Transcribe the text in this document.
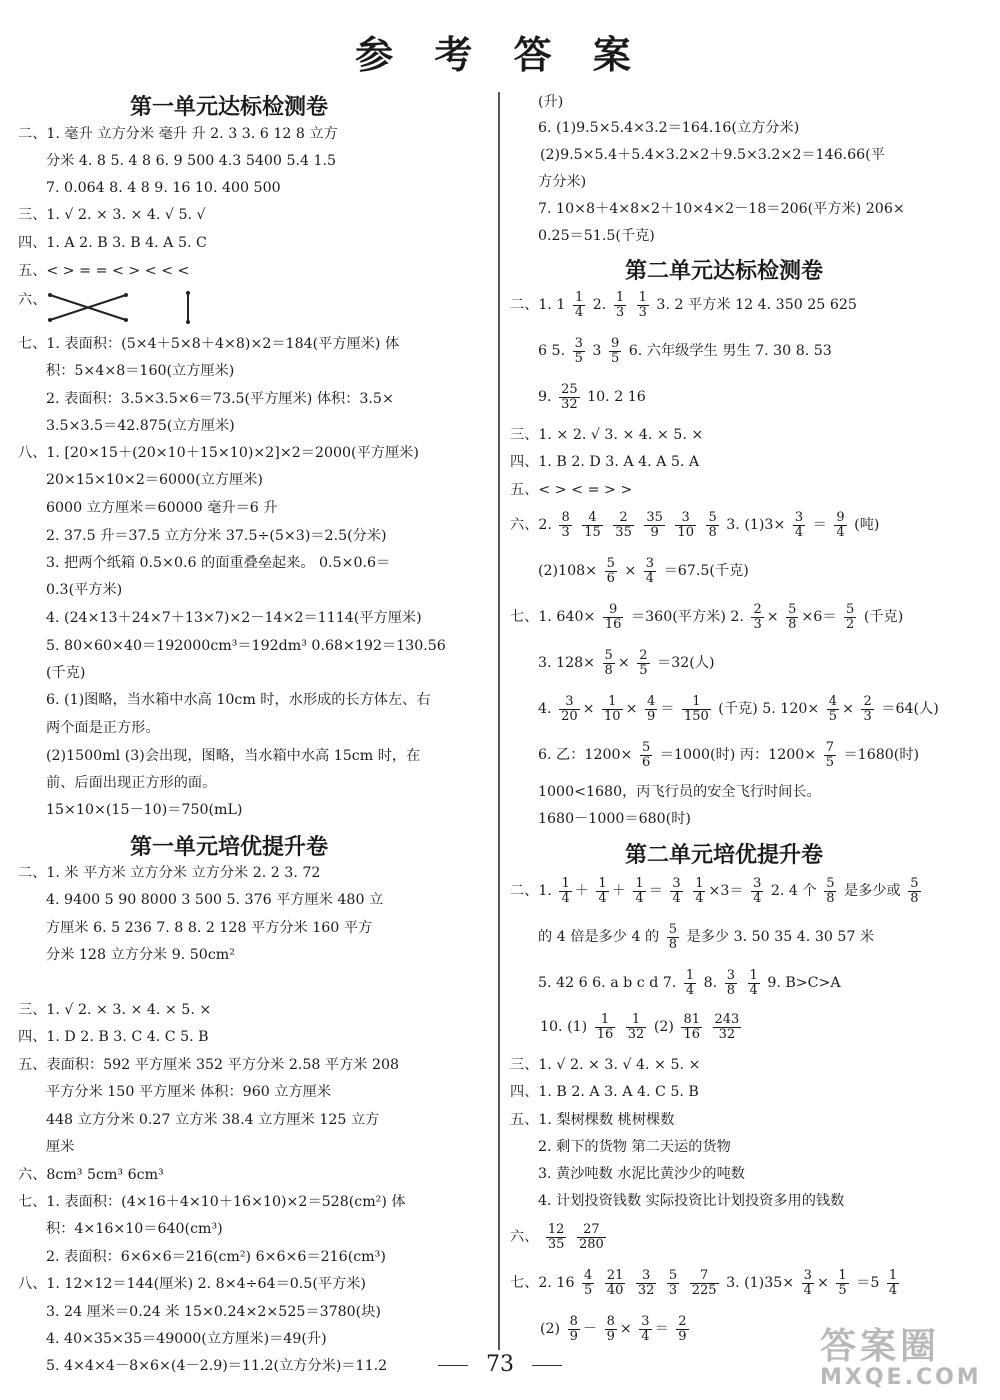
参 考 答 案
第一单元达标检测卷
二、1. 毫升 立方分米 毫升 升 2. 3 3. 6 12 8 立方
分米 4. 8 5. 4 8 6. 9 500 4.3 5400 5.4 1.5
7. 0.064 8. 4 8 9. 16 10. 400 500
三、1. √ 2. × 3. × 4. √ 5. √
四、1. A 2. B 3. B 4. A 5. C
五、< > = = < > < < <
六、
七、1. 表面积：(5×4＋5×8＋4×8)×2＝184(平方厘米) 体
积：5×4×8＝160(立方厘米)
2. 表面积：3.5×3.5×6＝73.5(平方厘米) 体积：3.5×
3.5×3.5＝42.875(立方厘米)
八、1. [20×15＋(20×10＋15×10)×2]×2＝2000(平方厘米)
20×15×10×2＝6000(立方厘米)
6000 立方厘米＝60000 毫升＝6 升
2. 37.5 升＝37.5 立方分米 37.5÷(5×3)＝2.5(分米)
3. 把两个纸箱 0.5×0.6 的面重叠垒起来。 0.5×0.6＝
0.3(平方米)
4. (24×13＋24×7＋13×7)×2－14×2＝1114(平方厘米)
5. 80×60×40＝192000cm³＝192dm³ 0.68×192＝130.56
(千克)
6. (1)图略，当水箱中水高 10cm 时，水形成的长方体左、右
两个面是正方形。
(2)1500ml (3)会出现，图略，当水箱中水高 15cm 时，在
前、后面出现正方形的面。
15×10×(15－10)＝750(mL)
第一单元培优提升卷
二、1. 米 平方米 立方分米 立方分米 2. 2 3. 72
4. 9400 5 90 8000 3 500 5. 376 平方厘米 480 立
方厘米 6. 5 236 7. 8 8. 2 128 平方分米 160 平方
分米 128 立方分米 9. 50cm²
三、1. √ 2. × 3. × 4. × 5. ×
四、1. D 2. B 3. C 4. C 5. B
五、表面积：592 平方厘米 352 平方分米 2.58 平方米 208
平方分米 150 平方厘米 体积：960 立方厘米
448 立方分米 0.27 立方米 38.4 立方厘米 125 立方
厘米
六、8cm³ 5cm³ 6cm³
七、1. 表面积：(4×16＋4×10＋16×10)×2＝528(cm²) 体
积：4×16×10＝640(cm³)
2. 表面积：6×6×6＝216(cm²) 6×6×6＝216(cm³)
八、1. 12×12＝144(厘米) 2. 8×4÷64＝0.5(平方米)
3. 24 厘米＝0.24 米 15×0.24×2×525＝3780(块)
4. 40×35×35＝49000(立方厘米)＝49(升)
5. 4×4×4－8×6×(4－2.9)＝11.2(立方分米)＝11.2
(升)
6. (1)9.5×5.4×3.2＝164.16(立方分米)
(2)9.5×5.4＋5.4×3.2×2＋9.5×3.2×2＝146.66(平
方分米)
7. 10×8＋4×8×2＋10×4×2－18＝206(平方米) 206×
0.25＝51.5(千克)
第二单元达标检测卷
二、1. $1 \frac{1}{4} 2$. $\frac{1}{3}$
$\frac{1}{3} 3$. 2 平方米 12 4. 350 25 625
6 5. $\frac{3}{5} 3 \frac{9}{5} 6$. 六年级学生 男生 7. 30 8. 53
9. $\frac{25}{32} 10$. 2 16
三、1. × 2. √ 3. × 4. × 5. ×
四、1. B 2. D 3. A 4. A 5. A
五、< > < = > >
六、2. $\frac{8}{3}$
$\frac{4}{15}$
$\frac{2}{35}$
$\frac{35}{9}$
$\frac{3}{10}$
$\frac{5}{8} 3$. $(1)3\times \frac{3}{4} = \frac{9}{4}$ (吨)
$(2)108\times \frac{5}{6} \times \frac{3}{4} =67.5$(千克)
七、1. $640\times \frac{9}{16} =360$(平方米) 2. $\frac{2}{3} \times \frac{5}{8} \times 6= \frac{5}{2}$ (千克)
3. $128\times \frac{5}{8} \times \frac{2}{5} =32$(人)
4. $\frac{3}{20} \times \frac{1}{10} \times \frac{4}{9} = \frac{1}{150}$ (千克) 5. $120\times \frac{4}{5} \times \frac{2}{3} =64$(人)
6. 乙：$1200\times \frac{5}{6} =1000$(时) 丙：$1200\times \frac{7}{5} =1680$(时)
1000<1680，丙飞行员的安全飞行时间长。
1680－1000＝680(时)
第二单元培优提升卷
二、1. $\frac{1}{4} + \frac{1}{4} + \frac{1}{4} = \frac{3}{4}$
$\frac{1}{4} \times 3= \frac{3}{4} 2$. 4 个 $\frac{5}{8}$ 是多少或 $\frac{5}{8}$
的 4 倍是多少 4 的 $\frac{5}{8}$ 是多少 3. 50 35 4. 30 57 米
5. 42 6 6. a b c d 7. $\frac{1}{4} 8$. $\frac{3}{8}$
$\frac{1}{4} 9$. B>C>A
10. $(1) \frac{1}{16}$
$\frac{1}{32} (2) \frac{81}{16}$
$\frac{243}{32}$
三、1. √ 2. × 3. √ 4. × 5. ×
四、1. B 2. A 3. A 4. C 5. B
五、1. 梨树棵数 桃树棵数
2. 剩下的货物 第二天运的货物
3. 黄沙吨数 水泥比黄沙少的吨数
4. 计划投资钱数 实际投资比计划投资多用的钱数
六、 $\frac{12}{35}$
$\frac{27}{280}$
七、2. $16 \frac{4}{5}$
$\frac{21}{40}$
$\frac{3}{32}$
$\frac{5}{3}$
$\frac{7}{225} 3$. $(1)35\times \frac{3}{4} \times \frac{1}{5} =5 \frac{1}{4}$
$(2) \frac{8}{9} - \frac{8}{9} \times \frac{3}{4} = \frac{2}{9}$
73	答案圈
MXQE.COM
